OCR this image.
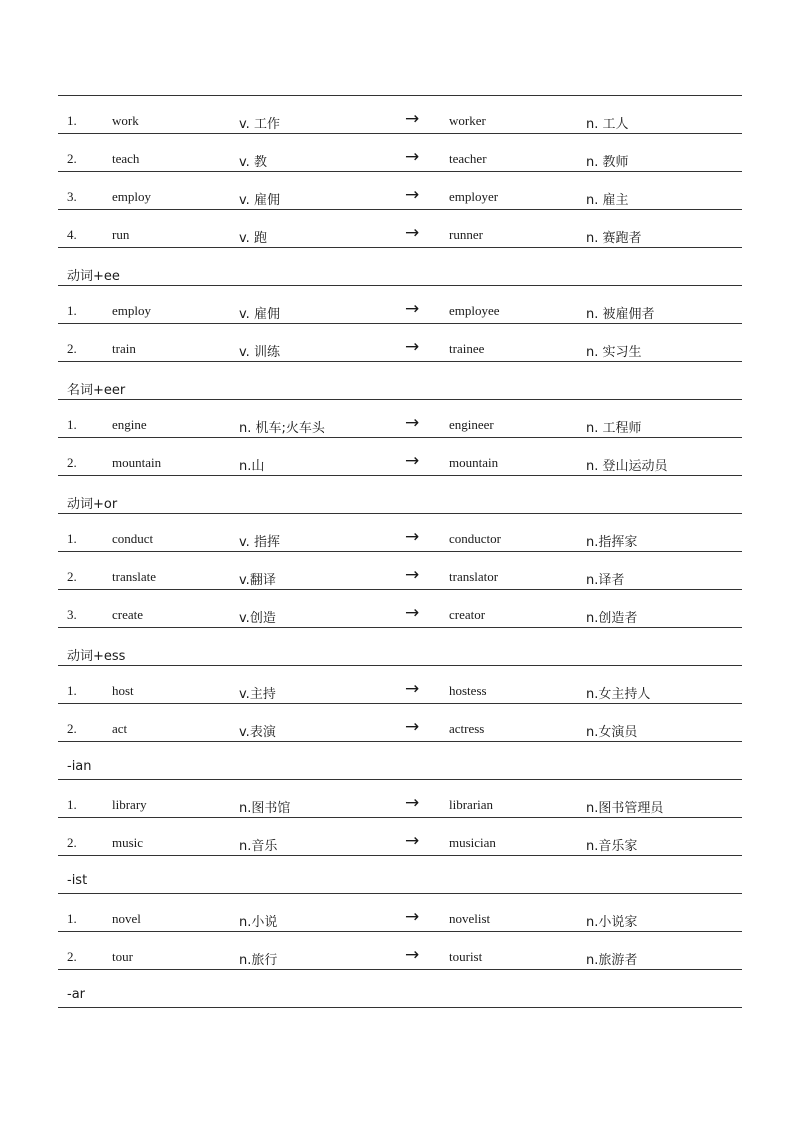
1.	work	v. 工作	→ worker	n. 工人
2.	teach	v. 教	→ teacher	n. 教师
3.	employ	v. 雇佣	→ employer	n. 雇主
4.	run	v. 跑	→ runner	n. 赛跑者
动词+ee
1.	employ	v. 雇佣	→ employee	n. 被雇佣者
2.	train	v. 训练	→ trainee	n. 实习生
名词+eer
1.	engine	n. 机车;火车头	→ engineer	n. 工程师
2.	mountain	n.山	→ mountain	n. 登山运动员
动词+or
1.	conduct	v. 指挥	→ conductor	n.指挥家
2.	translate	v.翻译	→ translator	n.译者
3.	create	v.创造	→ creator	n.创造者
动词+ess
1.	host	v.主持	→ hostess	n.女主持人
2.	act	v.表演	→ actress	n.女演员
-ian
1.	library	n.图书馆	→ librarian	n.图书管理员
2.	music	n.音乐	→ musician	n.音乐家
-ist
1.	novel	n.小说	→ novelist	n.小说家
2.	tour	n.旅行	→ tourist	n.旅游者
-ar
